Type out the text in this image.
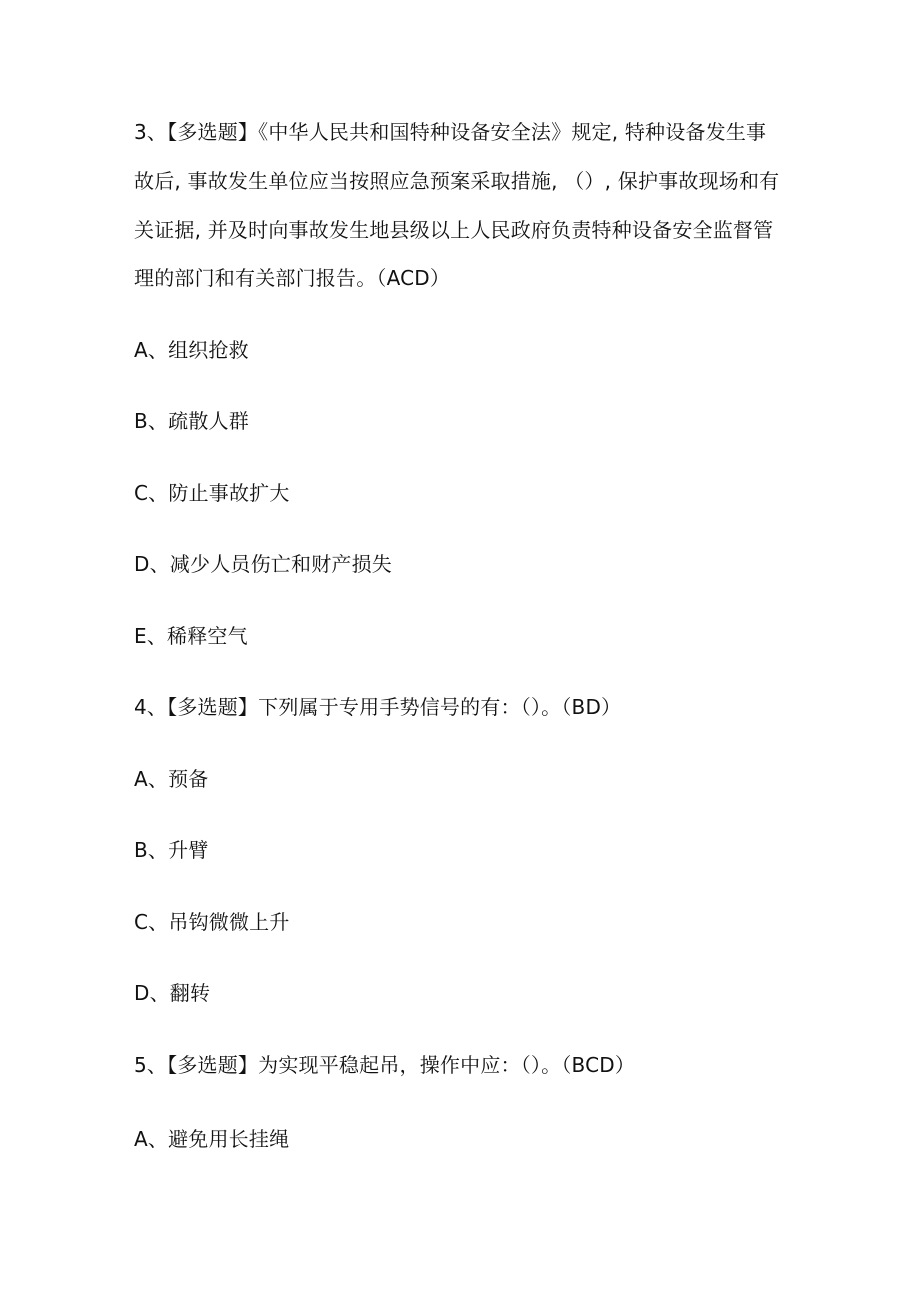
3、【多选题】《中华人民共和国特种设备安全法》规定, 特种设备发生事
故后, 事故发生单位应当按照应急预案采取措施, （）, 保护事故现场和有
关证据, 并及时向事故发生地县级以上人民政府负责特种设备安全监督管
理的部门和有关部门报告。（ACD）
A、组织抢救
B、疏散人群
C、防止事故扩大
D、减少人员伤亡和财产损失
E、稀释空气
4、【多选题】下列属于专用手势信号的有：（）。（BD）
A、预备
B、升臂
C、吊钩微微上升
D、翻转
5、【多选题】为实现平稳起吊，操作中应：（）。（BCD）
A、避免用长挂绳
